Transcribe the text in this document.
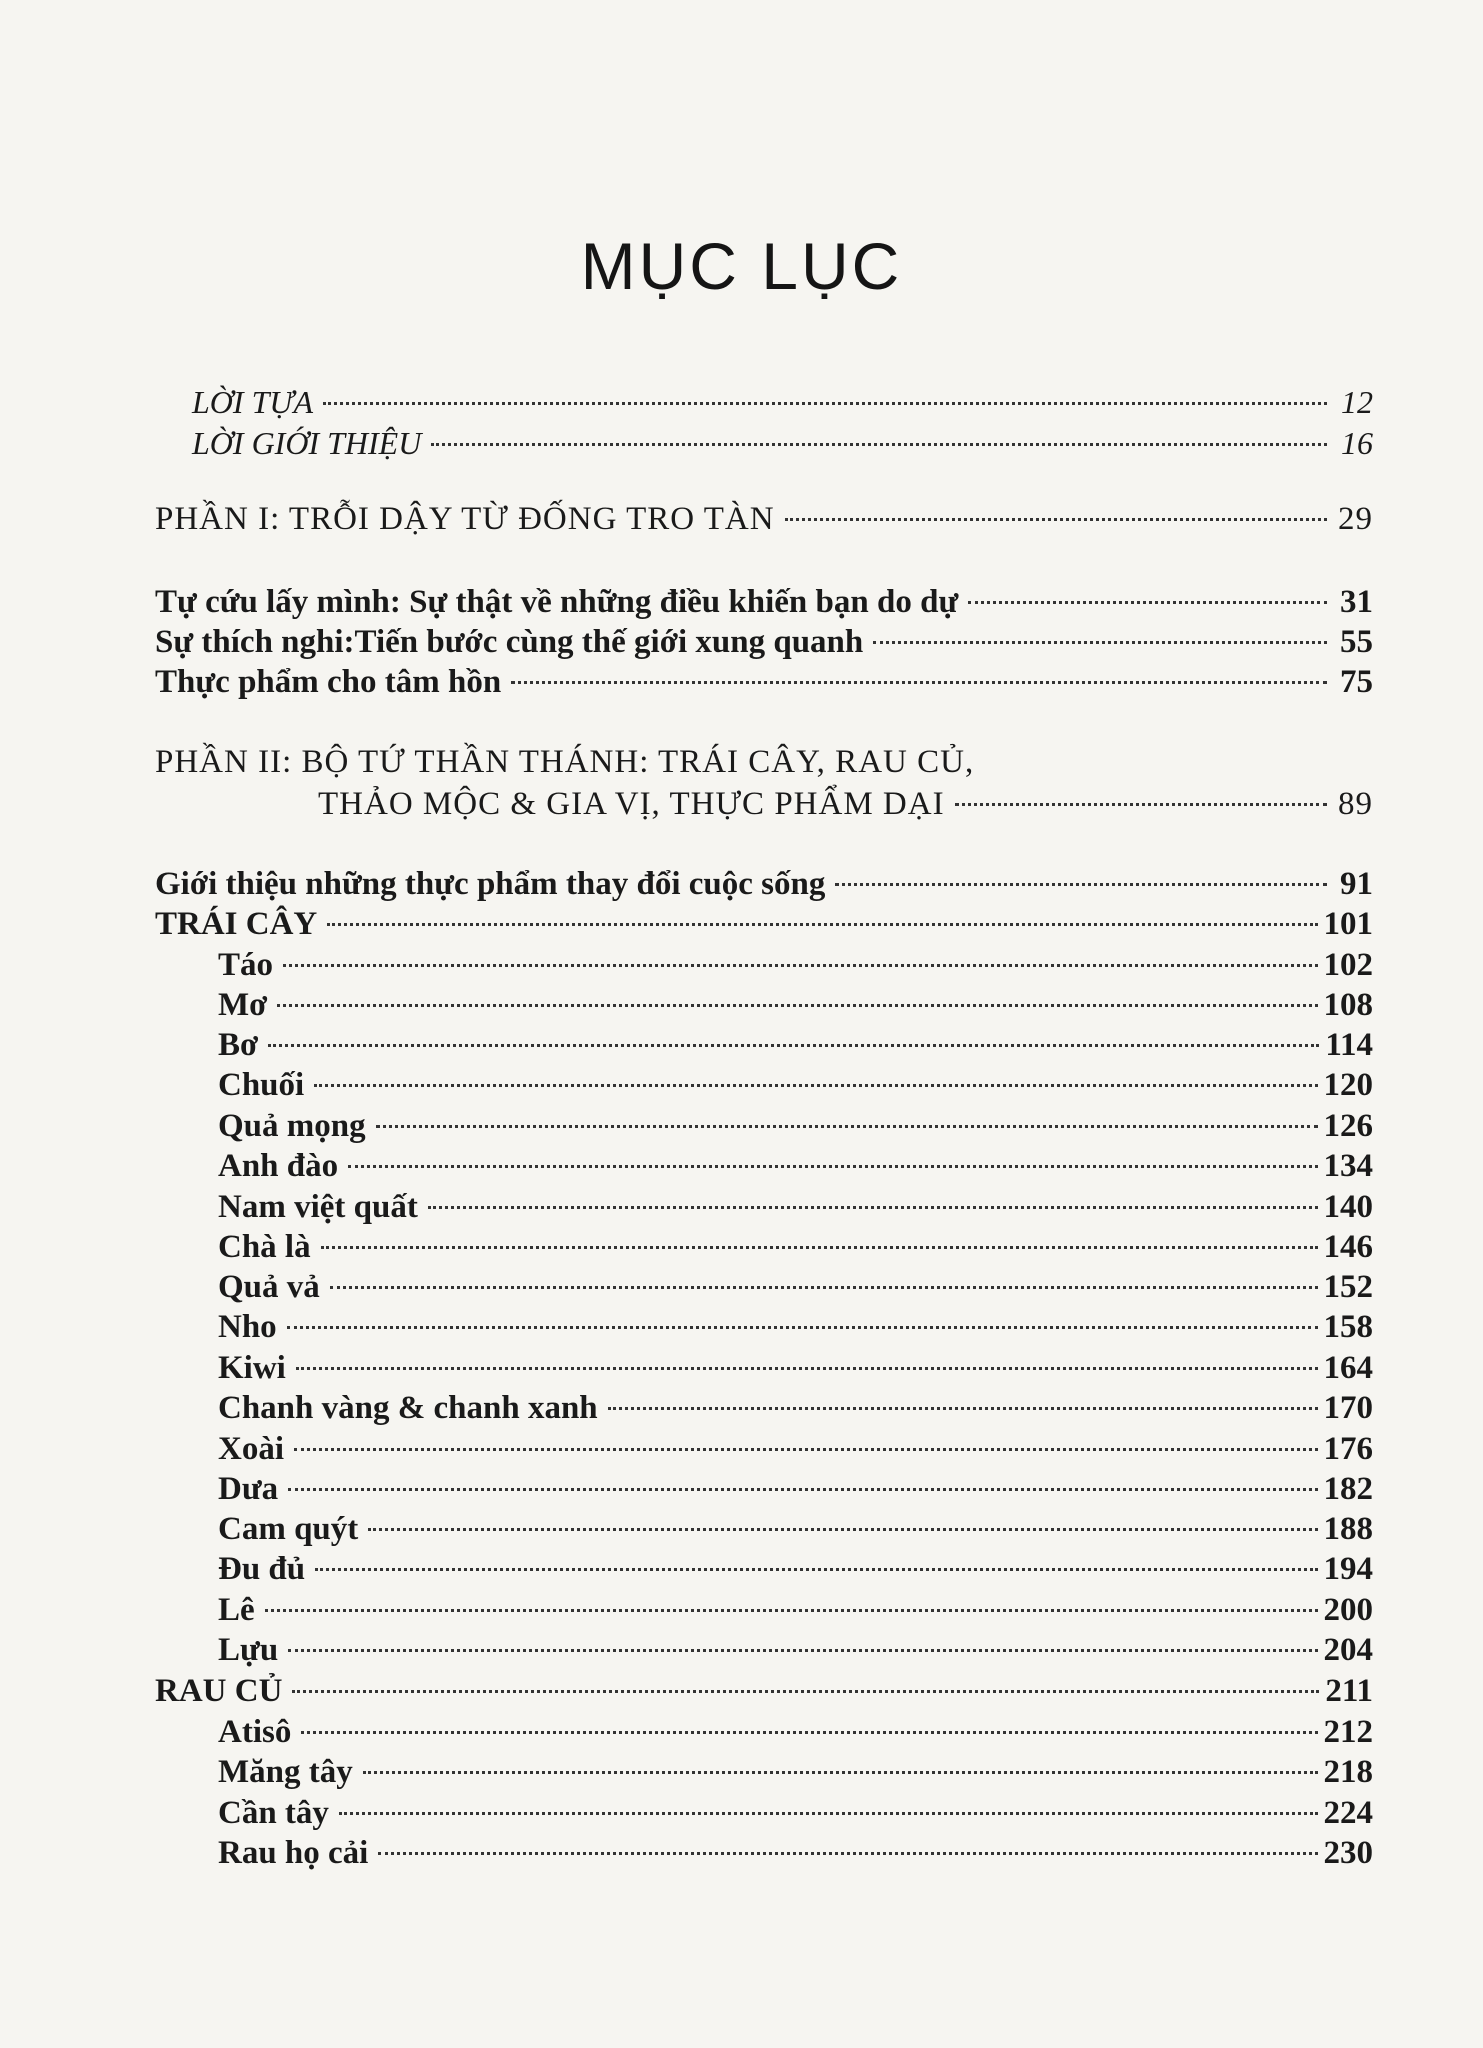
MỤC LỤC
LỜI TỰA	12
LỜI GIỚI THIỆU	16
PHẦN I: TRỖI DẬY TỪ ĐỐNG TRO TÀN	29
Tự cứu lấy mình: Sự thật về những điều khiến bạn do dự	31
Sự thích nghi:Tiến bước cùng thế giới xung quanh	55
Thực phẩm cho tâm hồn	75
PHẦN II: BỘ TỨ THẦN THÁNH: TRÁI CÂY, RAU CỦ,
THẢO MỘC & GIA VỊ, THỰC PHẨM DẠI	89
Giới thiệu những thực phẩm thay đổi cuộc sống	91
TRÁI CÂY	101
Táo	102
Mơ	108
Bơ	114
Chuối	120
Quả mọng	126
Anh đào	134
Nam việt quất	140
Chà là	146
Quả vả	152
Nho	158
Kiwi	164
Chanh vàng & chanh xanh	170
Xoài	176
Dưa	182
Cam quýt	188
Đu đủ	194
Lê	200
Lựu	204
RAU CỦ	211
Atisô	212
Măng tây	218
Cần tây	224
Rau họ cải	230
